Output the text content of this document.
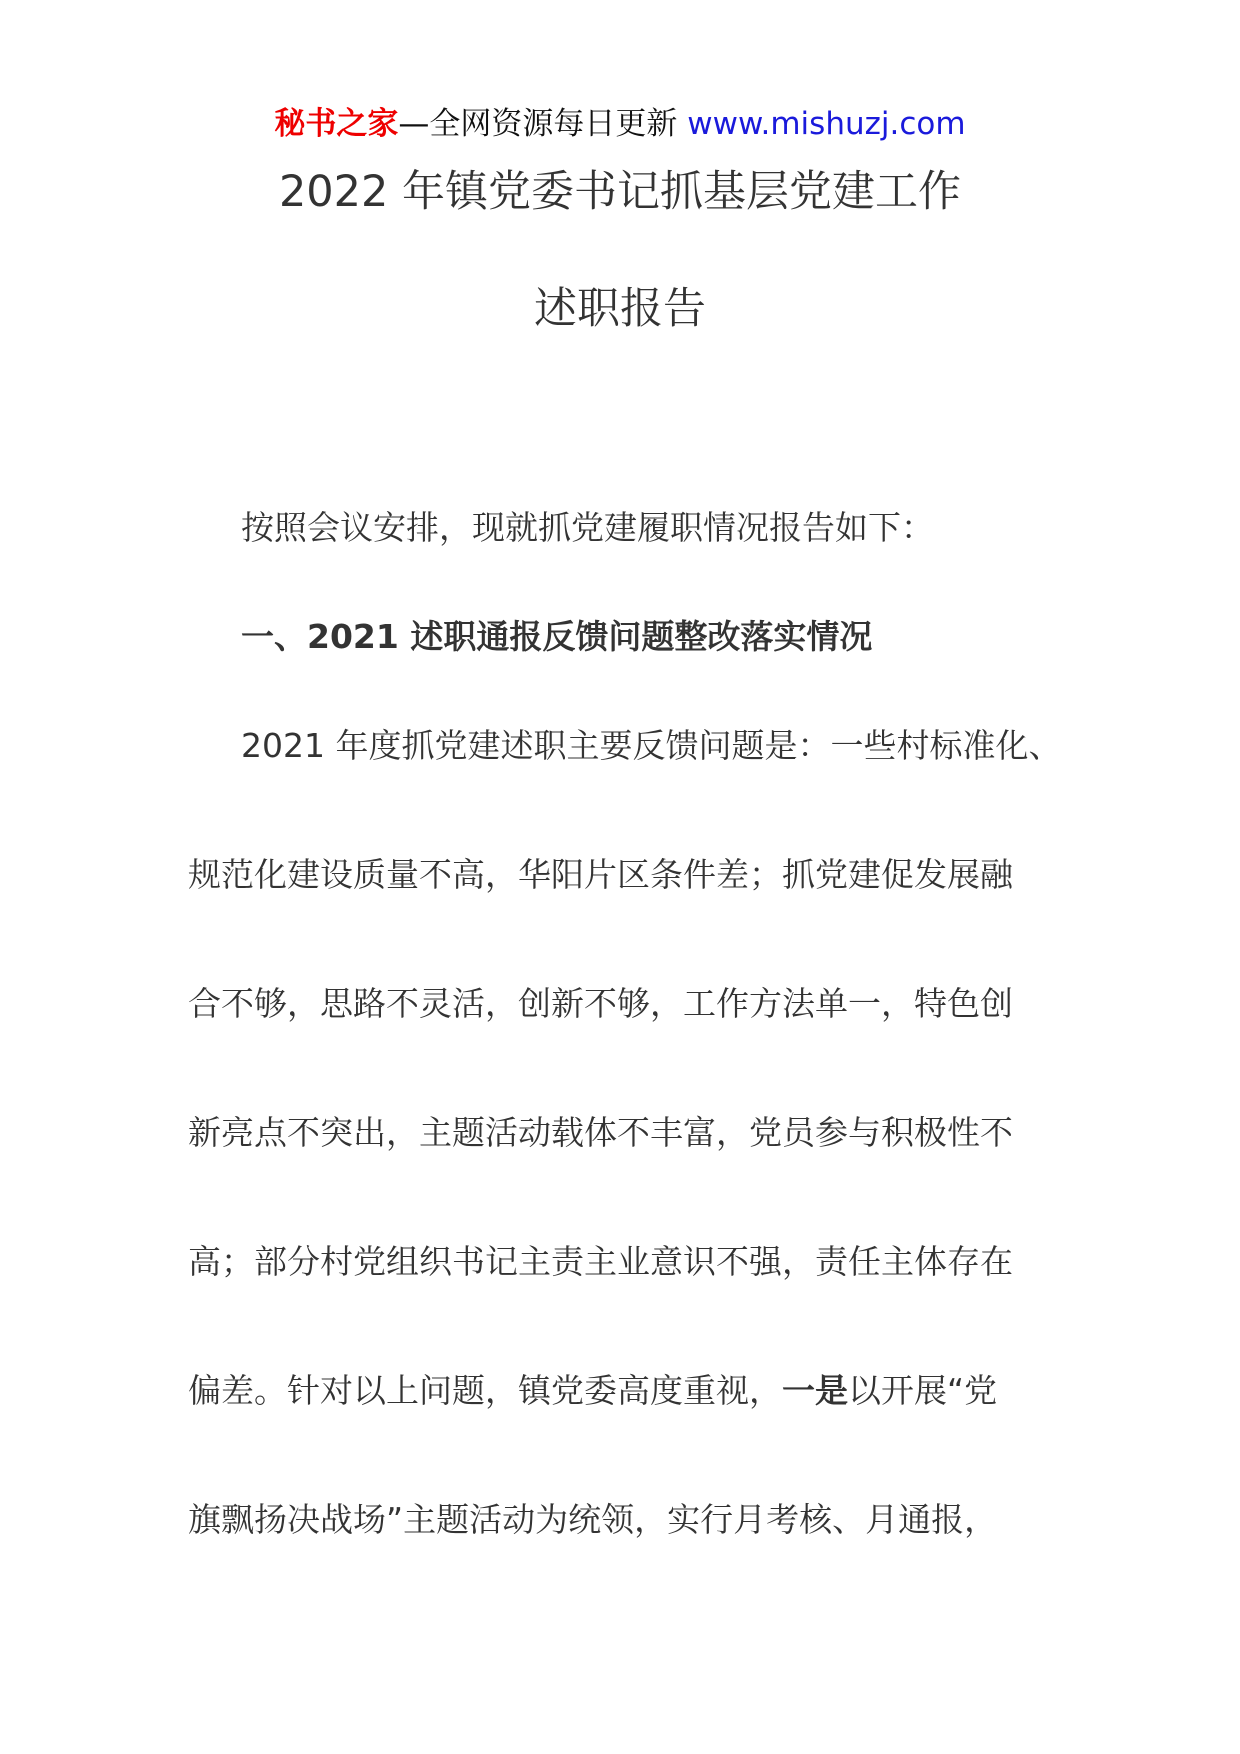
秘书之家—全网资源每日更新 www.mishuzj.com
2022 年镇党委书记抓基层党建工作
述职报告
按照会议安排，现就抓党建履职情况报告如下：
一、2021 述职通报反馈问题整改落实情况
2021 年度抓党建述职主要反馈问题是：一些村标准化、
规范化建设质量不高，华阳片区条件差；抓党建促发展融
合不够，思路不灵活，创新不够，工作方法单一，特色创
新亮点不突出，主题活动载体不丰富，党员参与积极性不
高；部分村党组织书记主责主业意识不强，责任主体存在
偏差。针对以上问题，镇党委高度重视，一是以开展“党
旗飘扬决战场”主题活动为统领，实行月考核、月通报，
